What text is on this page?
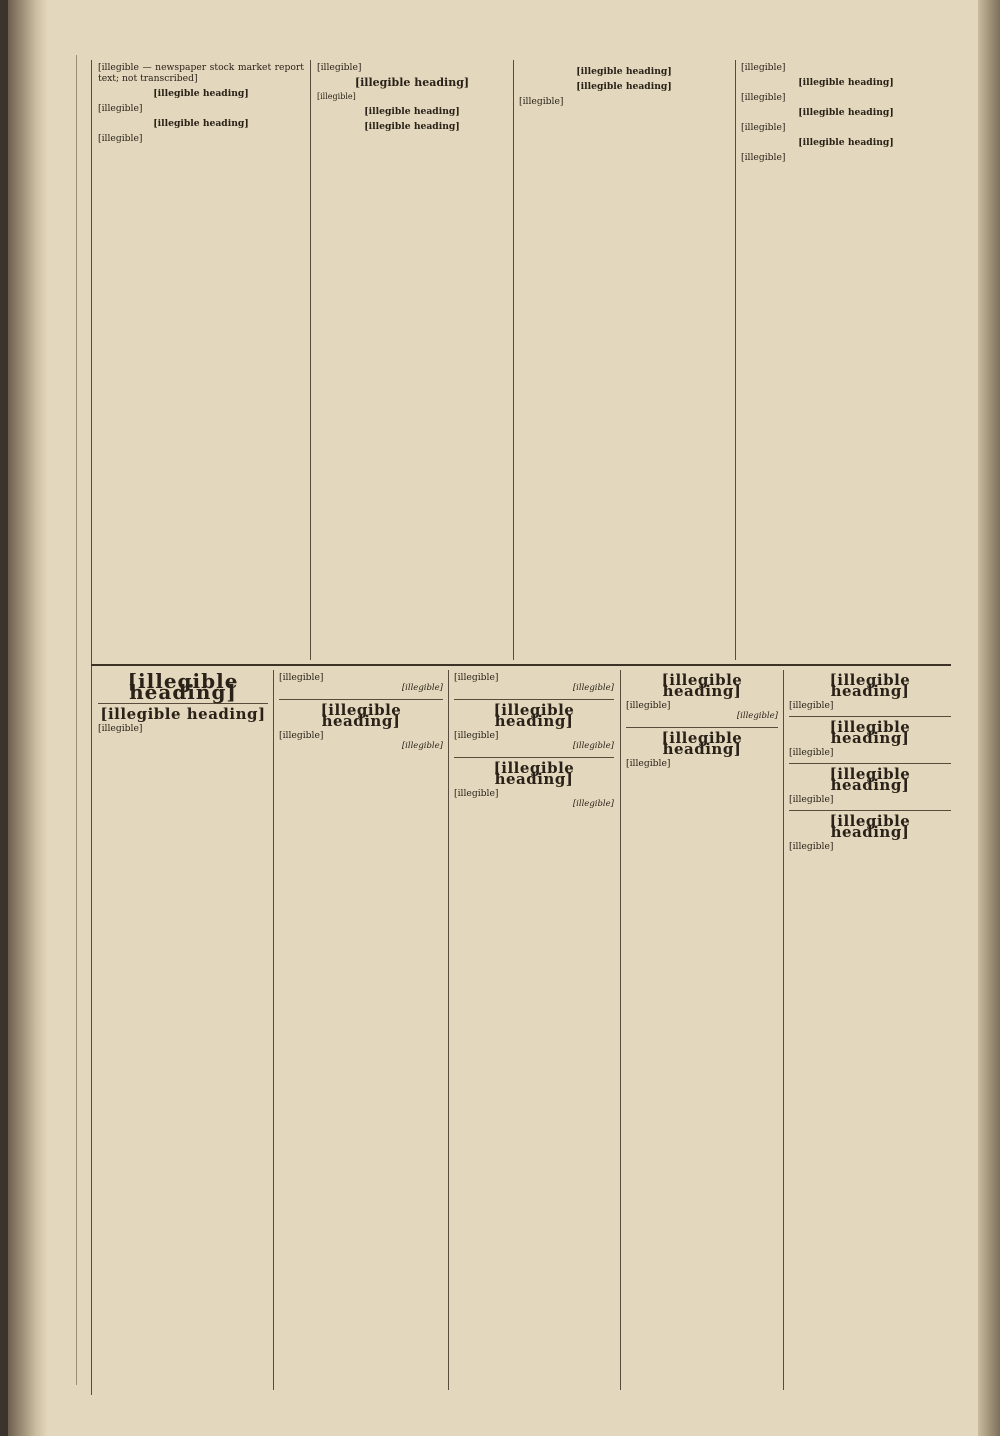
[illegible — newspaper stock market report text; not transcribed]
[illegible heading]
[illegible]
[illegible heading]
[illegible]
[illegible]
[illegible heading]
[illegible]
[illegible heading]
[illegible heading]
[illegible heading]
[illegible heading]
[illegible]
[illegible]
[illegible heading]
[illegible]
[illegible heading]
[illegible]
[illegible heading]
[illegible]
[illegible heading]
[illegible heading]
[illegible]
[illegible]
[illegible]
[illegible heading]
[illegible]
[illegible]
[illegible]
[illegible]
[illegible heading]
[illegible]
[illegible]
[illegible heading]
[illegible]
[illegible]
[illegible heading]
[illegible]
[illegible]
[illegible heading]
[illegible]
[illegible heading]
[illegible]
[illegible heading]
[illegible]
[illegible heading]
[illegible]
[illegible heading]
[illegible]
